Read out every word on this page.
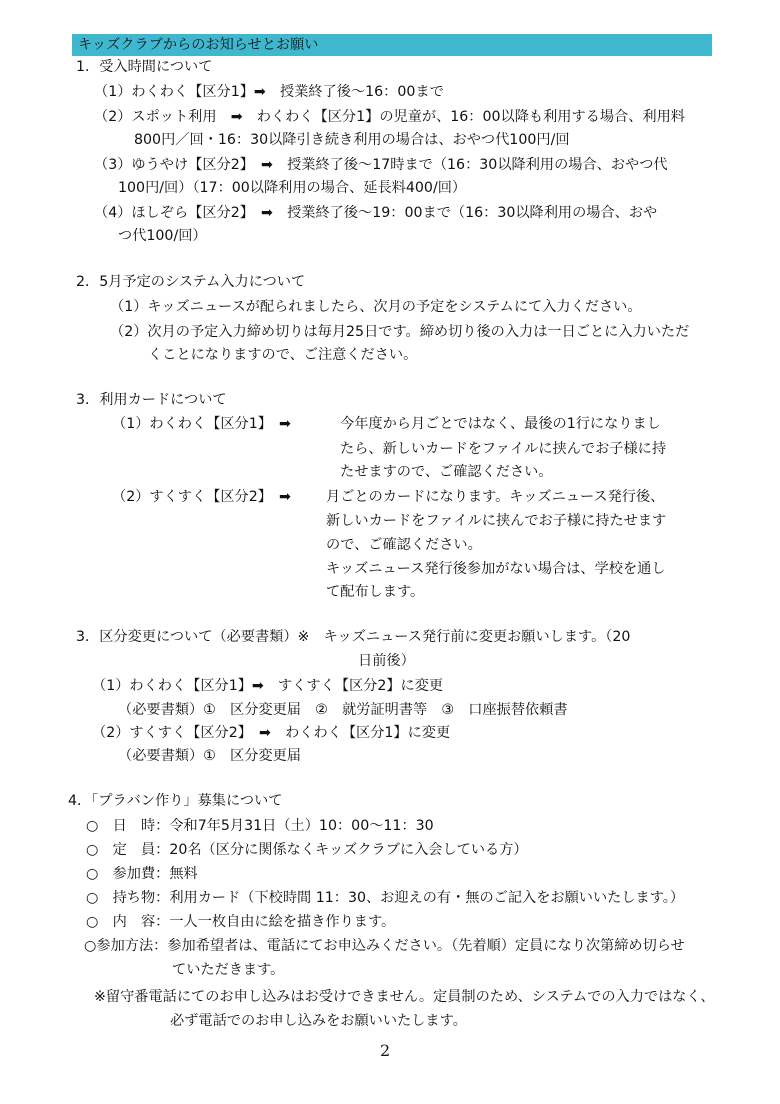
キッズクラブからのお知らせとお願い
1．受入時間について
（1）わくわく【区分1】➡　授業終了後～16：00まで
（2）スポット利用　➡　わくわく【区分1】の児童が、16：00以降も利用する場合、利用料
800円／回・16：30以降引き続き利用の場合は、おやつ代100円/回
（3）ゆうやけ【区分2】　➡　授業終了後～17時まで（16：30以降利用の場合、おやつ代
100円/回）（17：00以降利用の場合、延長料400/回）
（4）ほしぞら【区分2】　➡　授業終了後～19：00まで（16：30以降利用の場合、おや
つ代100/回）
2．5月予定のシステム入力について
（1）キッズニュースが配られましたら、次月の予定をシステムにて入力ください。
（2）次月の予定入力締め切りは毎月25日です。締め切り後の入力は一日ごとに入力いただ
くことになりますので、ご注意ください。
3．利用カードについて
（1）わくわく【区分1】　➡	今年度から月ごとではなく、最後の1行になりまし
たら、新しいカードをファイルに挟んでお子様に持
たせますので、ご確認ください。
（2）すくすく【区分2】　➡ 月ごとのカードになります。キッズニュース発行後、
新しいカードをファイルに挟んでお子様に持たせます
ので、ご確認ください。
キッズニュース発行後参加がない場合は、学校を通し
て配布します。
3．区分変更について（必要書類）※　キッズニュース発行前に変更お願いします。（20
日前後）
（1）わくわく【区分1】➡　すくすく【区分2】に変更
（必要書類）①　区分変更届　②　就労証明書等　③　口座振替依頼書
（2）すくすく【区分2】　➡　わくわく【区分1】に変更
（必要書類）①　区分変更届
4．「プラバン作り」募集について
○　日　時：令和7年5月31日（土）10：00～11：30
○　定　員：20名（区分に関係なくキッズクラブに入会している方）
○　参加費：無料
○　持ち物：利用カード（下校時間 11：30、お迎えの有・無のご記入をお願いいたします。）
○　内　容：一人一枚自由に絵を描き作ります。
○参加方法：参加希望者は、電話にてお申込みください。（先着順）定員になり次第締め切らせ
ていただきます。
※留守番電話にてのお申し込みはお受けできません。定員制のため、システムでの入力ではなく、
必ず電話でのお申し込みをお願いいたします。
2
